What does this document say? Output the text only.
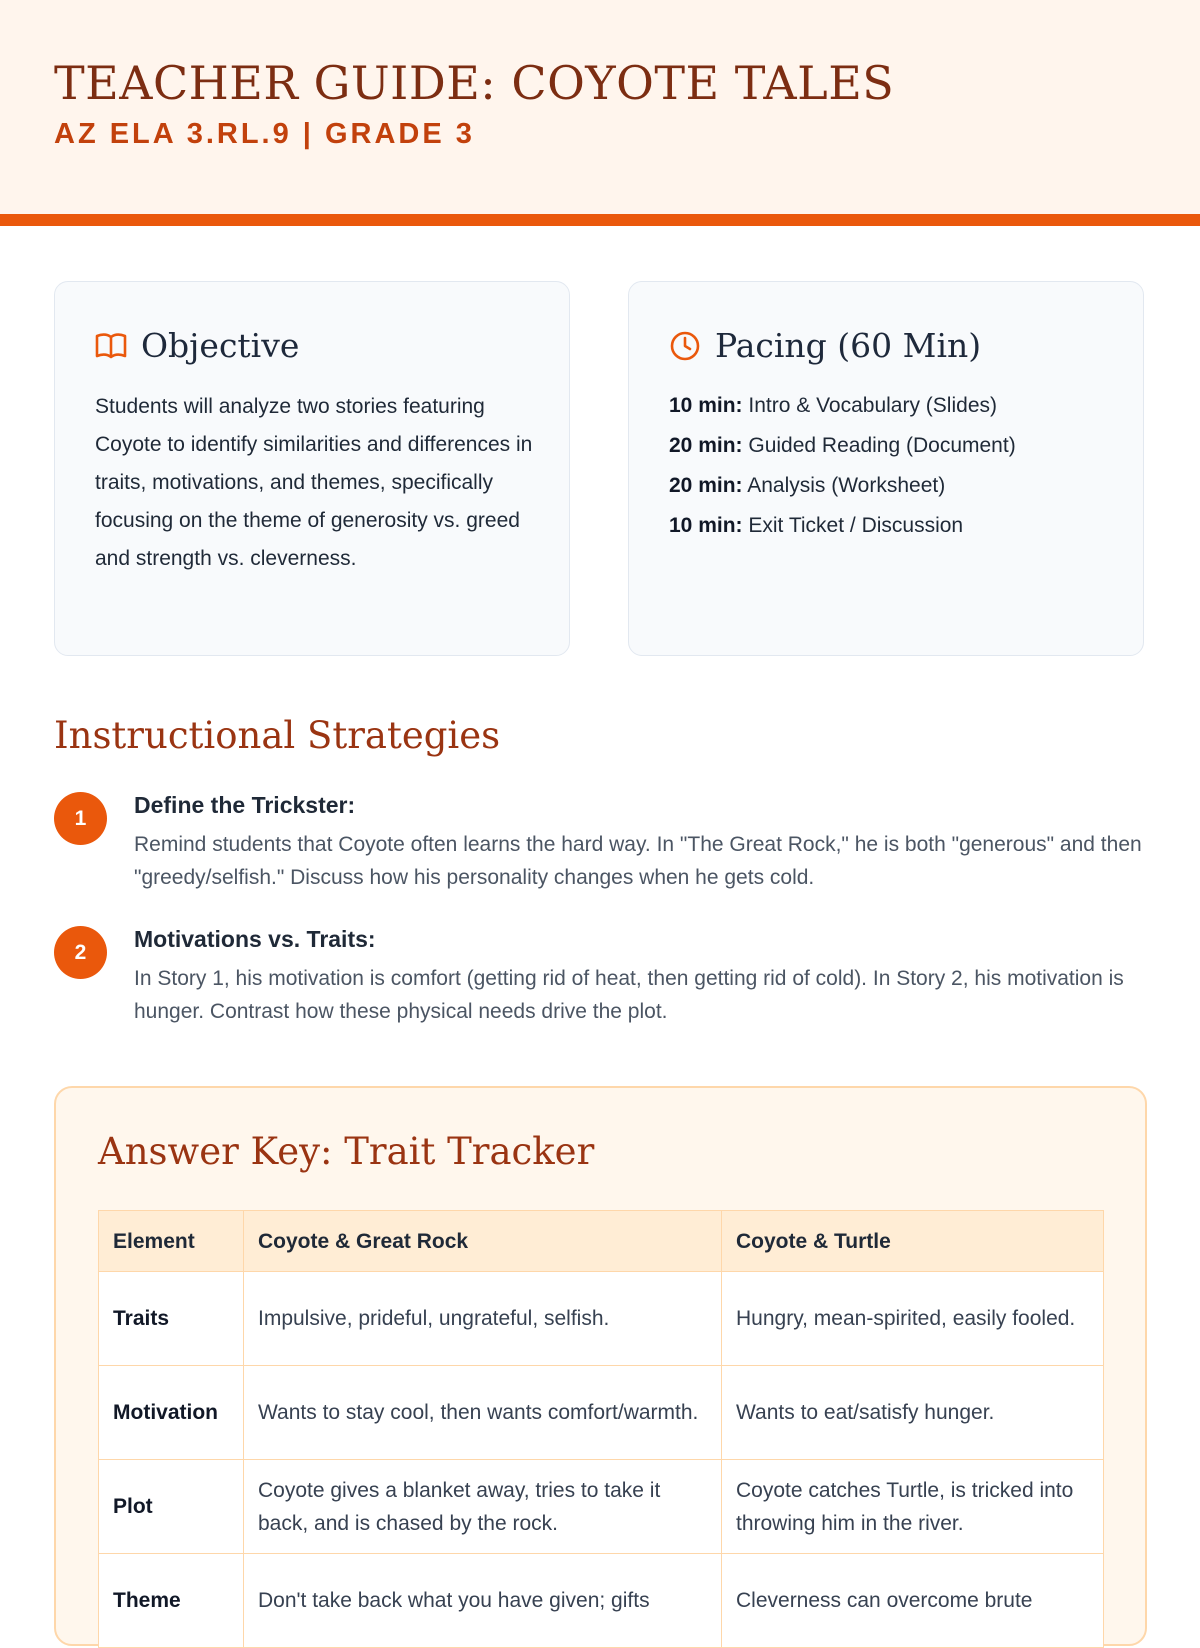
TEACHER GUIDE: COYOTE TALES
AZ ELA 3.RL.9 | GRADE 3
Objective
Students will analyze two stories featuring Coyote to identify similarities and differences in traits, motivations, and themes, specifically focusing on the theme of generosity vs. greed and strength vs. cleverness.
Pacing (60 Min)
10 min: Intro & Vocabulary (Slides)
20 min: Guided Reading (Document)
20 min: Analysis (Worksheet)
10 min: Exit Ticket / Discussion
Instructional Strategies
1
Define the Trickster:
Remind students that Coyote often learns the hard way. In "The Great Rock," he is both "generous" and then "greedy/selfish." Discuss how his personality changes when he gets cold.
2
Motivations vs. Traits:
In Story 1, his motivation is comfort (getting rid of heat, then getting rid of cold). In Story 2, his motivation is hunger. Contrast how these physical needs drive the plot.
Answer Key: Trait Tracker
Element	Coyote & Great Rock	Coyote & Turtle
Traits	Impulsive, prideful, ungrateful, selfish.	Hungry, mean-spirited, easily fooled.
Motivation	Wants to stay cool, then wants comfort/warmth.	Wants to eat/satisfy hunger.
Plot	Coyote gives a blanket away, tries to take it back, and is chased by the rock.	Coyote catches Turtle, is tricked into throwing him in the river.
Theme	Don't take back what you have given; gifts	Cleverness can overcome brute
